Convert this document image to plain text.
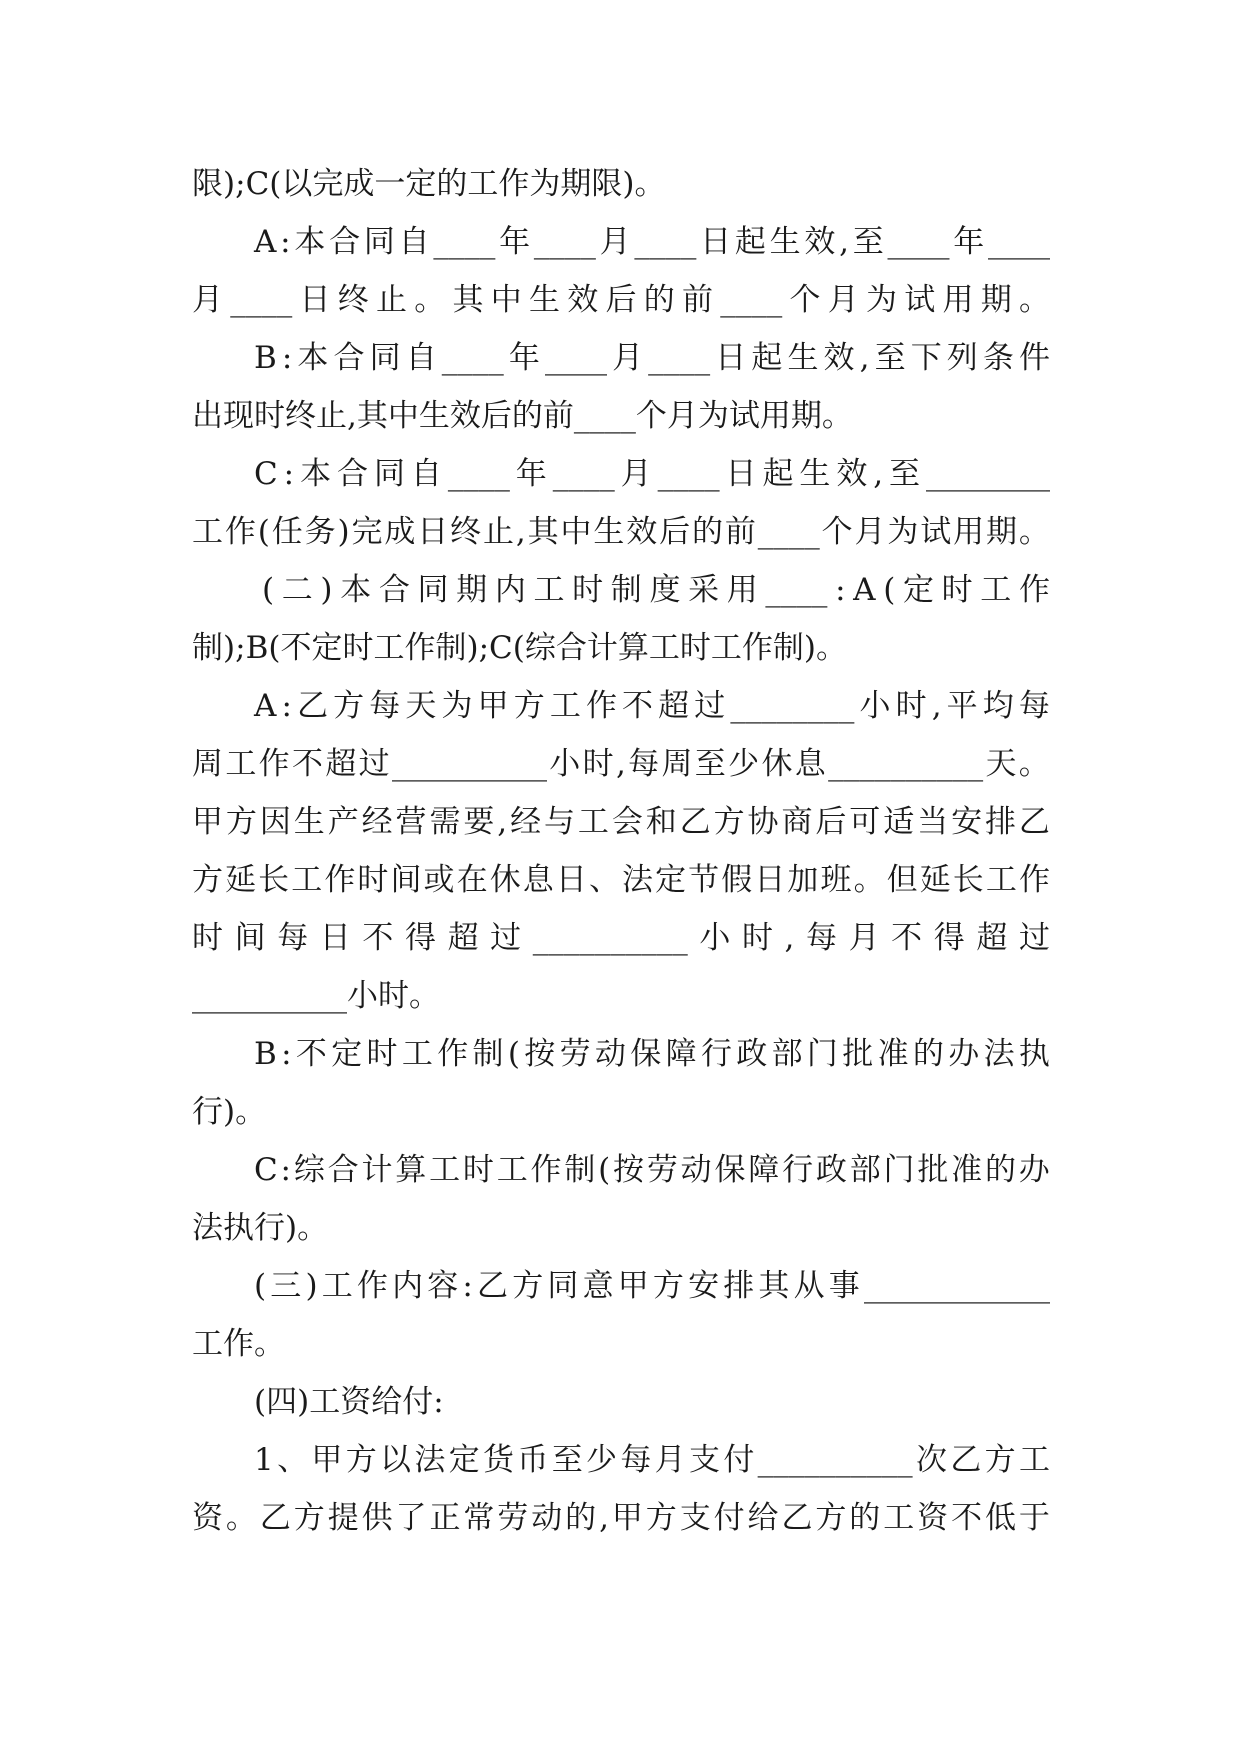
限 ) ; C ( 以 完 成 一 定 的 工 作 为 期 限 ) 。
A : 本 合 同 自 ____ 年 ____ 月 ____ 日 起 生 效 , 至 ____ 年 ____
月 ____ 日 终 止 。 其 中 生 效 后 的 前 ____ 个 月 为 试 用 期 。
B : 本 合 同 自 ____ 年 ____ 月 ____ 日 起 生 效 , 至 下 列 条 件
出 现 时 终 止 , 其 中 生 效 后 的 前 ____ 个 月 为 试 用 期 。
C : 本 合 同 自 ____ 年 ____ 月 ____ 日 起 生 效 , 至 ________
工 作 ( 任 务 ) 完 成 日 终 止 , 其 中 生 效 后 的 前 ____ 个 月 为 试 用 期 。
( 二 ) 本 合 同 期 内 工 时 制 度 采 用 ____ : A ( 定 时 工 作
制 ) ; B ( 不 定 时 工 作 制 ) ; C ( 综 合 计 算 工 时 工 作 制 ) 。
A : 乙 方 每 天 为 甲 方 工 作 不 超 过 ________ 小 时 , 平 均 每
周 工 作 不 超 过 __________ 小 时 , 每 周 至 少 休 息 __________ 天 。
甲 方 因 生 产 经 营 需 要 , 经 与 工 会 和 乙 方 协 商 后 可 适 当 安 排 乙
方 延 长 工 作 时 间 或 在 休 息 日 、 法 定 节 假 日 加 班 。 但 延 长 工 作
时 间 每 日 不 得 超 过 __________ 小 时 , 每 月 不 得 超 过
__________ 小 时 。
B : 不 定 时 工 作 制 ( 按 劳 动 保 障 行 政 部 门 批 准 的 办 法 执
行 ) 。
C : 综 合 计 算 工 时 工 作 制 ( 按 劳 动 保 障 行 政 部 门 批 准 的 办
法 执 行 ) 。
( 三 ) 工 作 内 容 : 乙 方 同 意 甲 方 安 排 其 从 事 ____________
工 作 。
( 四 ) 工 资 给 付 :
1 、 甲 方 以 法 定 货 币 至 少 每 月 支 付 __________ 次 乙 方 工
资 。 乙 方 提 供 了 正 常 劳 动 的 , 甲 方 支 付 给 乙 方 的 工 资 不 低 于
